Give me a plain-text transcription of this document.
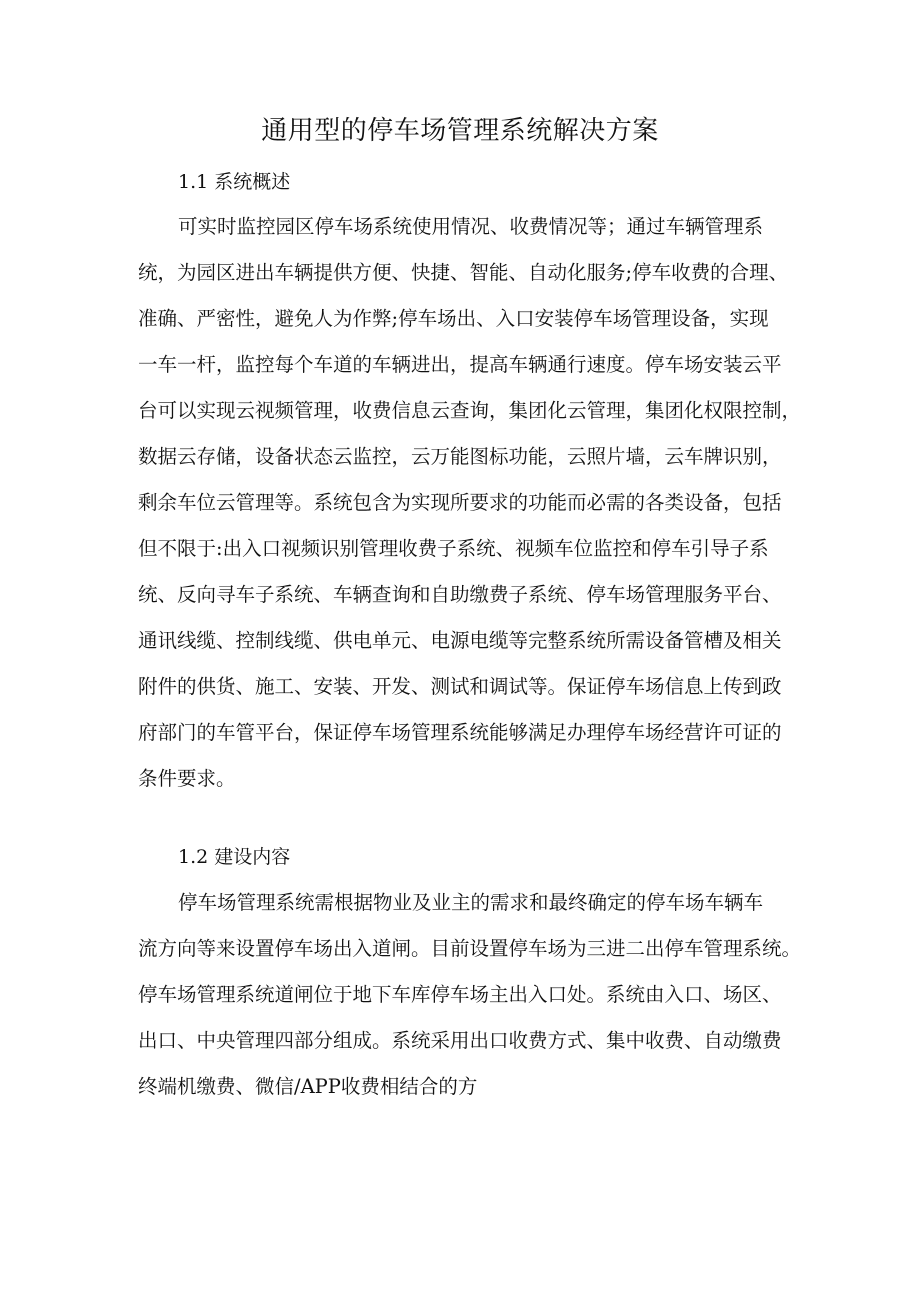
通用型的停车场管理系统解决方案
1.1 系统概述

可实时监控园区停车场系统使用情况、收费情况等；通过车辆管理系

统，为园区进出车辆提供方便、快捷、智能、自动化服务;停车收费的合理、

准确、严密性，避免人为作弊;停车场出、入口安装停车场管理设备，实现

一车一杆，监控每个车道的车辆进出，提高车辆通行速度。停车场安装云平

台可以实现云视频管理，收费信息云查询，集团化云管理，集团化权限控制，

数据云存储，设备状态云监控，云万能图标功能，云照片墙，云车牌识别，

剩余车位云管理等。系统包含为实现所要求的功能而必需的各类设备，包括

但不限于:出入口视频识别管理收费子系统、视频车位监控和停车引导子系

统、反向寻车子系统、车辆查询和自助缴费子系统、停车场管理服务平台、

通讯线缆、控制线缆、供电单元、电源电缆等完整系统所需设备管槽及相关

附件的供货、施工、安装、开发、测试和调试等。保证停车场信息上传到政

府部门的车管平台，保证停车场管理系统能够满足办理停车场经营许可证的

条件要求。

1.2 建设内容

停车场管理系统需根据物业及业主的需求和最终确定的停车场车辆车

流方向等来设置停车场出入道闸。目前设置停车场为三进二出停车管理系统。

停车场管理系统道闸位于地下车库停车场主出入口处。系统由入口、场区、

出口、中央管理四部分组成。系统采用出口收费方式、集中收费、自动缴费

终端机缴费、微信/APP收费相结合的方
